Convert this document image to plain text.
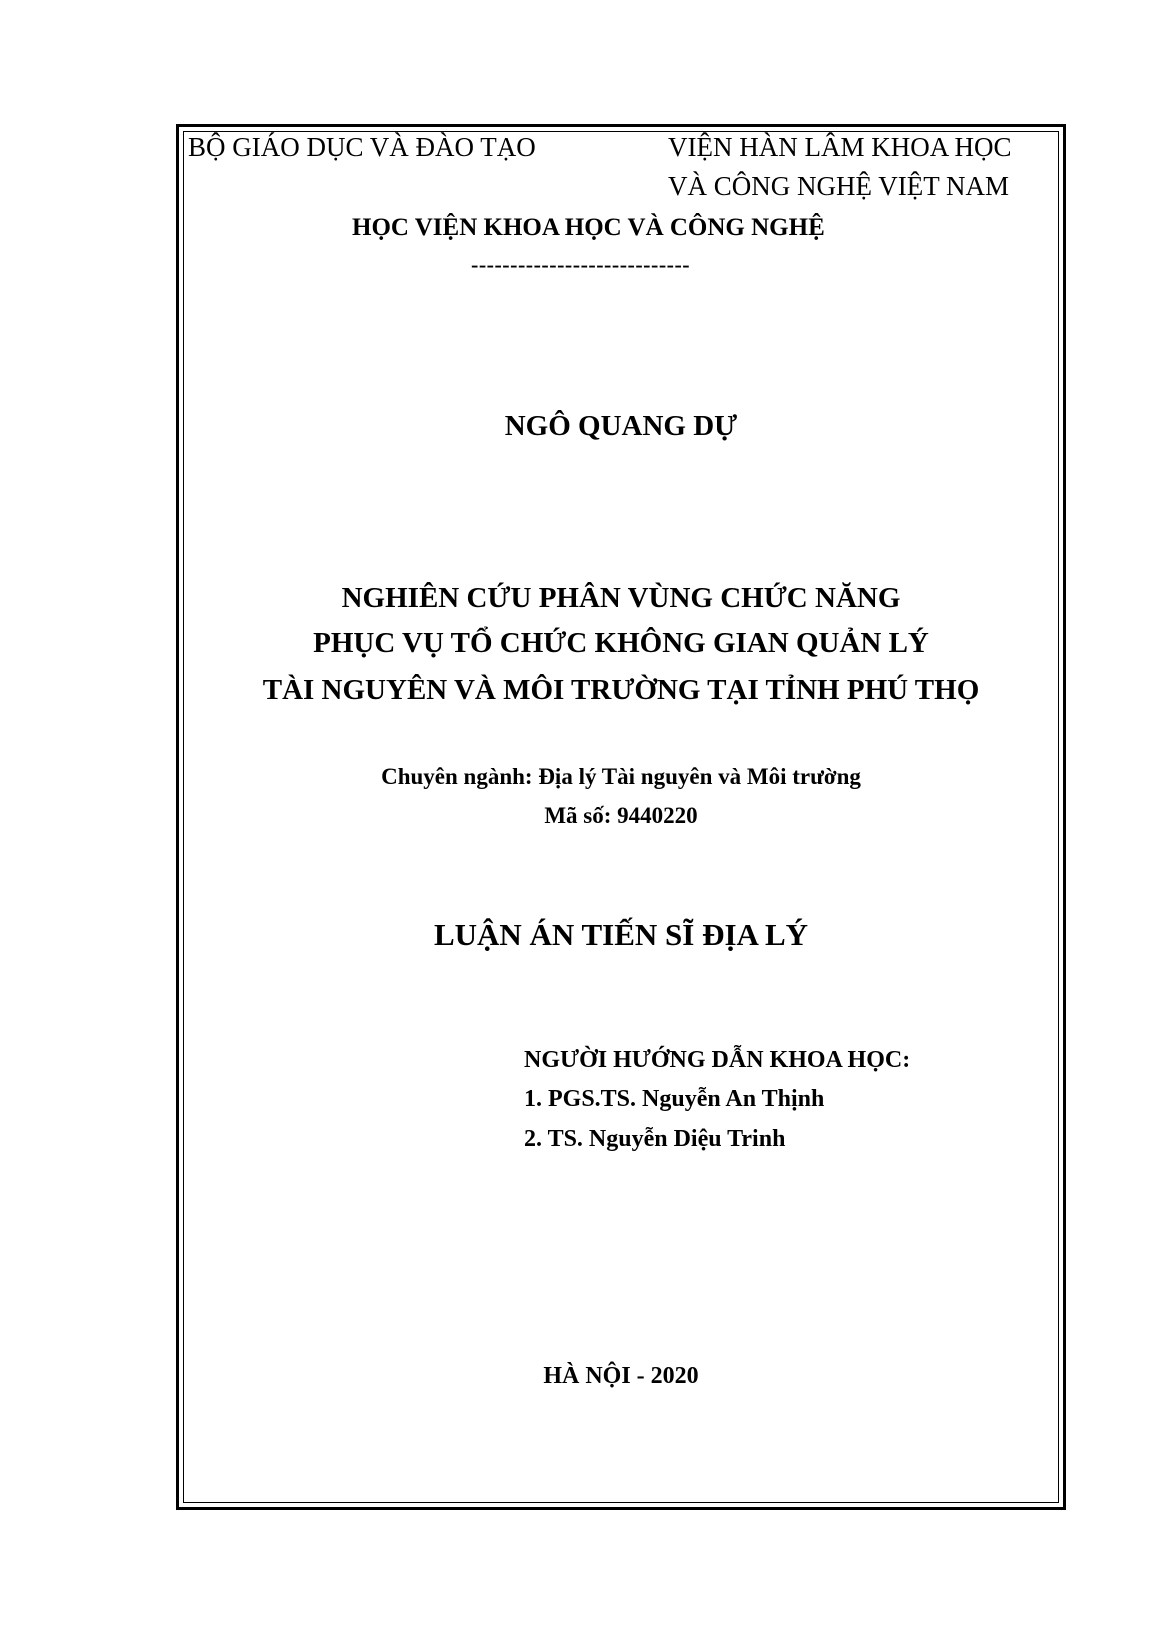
BỘ GIÁO DỤC VÀ ĐÀO TẠO	VIỆN HÀN LÂM KHOA HỌC
VÀ CÔNG NGHỆ VIỆT NAM
HỌC VIỆN KHOA HỌC VÀ CÔNG NGHỆ
----------------------------
NGÔ QUANG DỰ
NGHIÊN CỨU PHÂN VÙNG CHỨC NĂNG
PHỤC VỤ TỔ CHỨC KHÔNG GIAN QUẢN LÝ
TÀI NGUYÊN VÀ MÔI TRƯỜNG TẠI TỈNH PHÚ THỌ
Chuyên ngành: Địa lý Tài nguyên và Môi trường
Mã số: 9440220
LUẬN ÁN TIẾN SĨ ĐỊA LÝ
NGƯỜI HƯỚNG DẪN KHOA HỌC:
1. PGS.TS. Nguyễn An Thịnh
2. TS. Nguyễn Diệu Trinh
HÀ NỘI - 2020
